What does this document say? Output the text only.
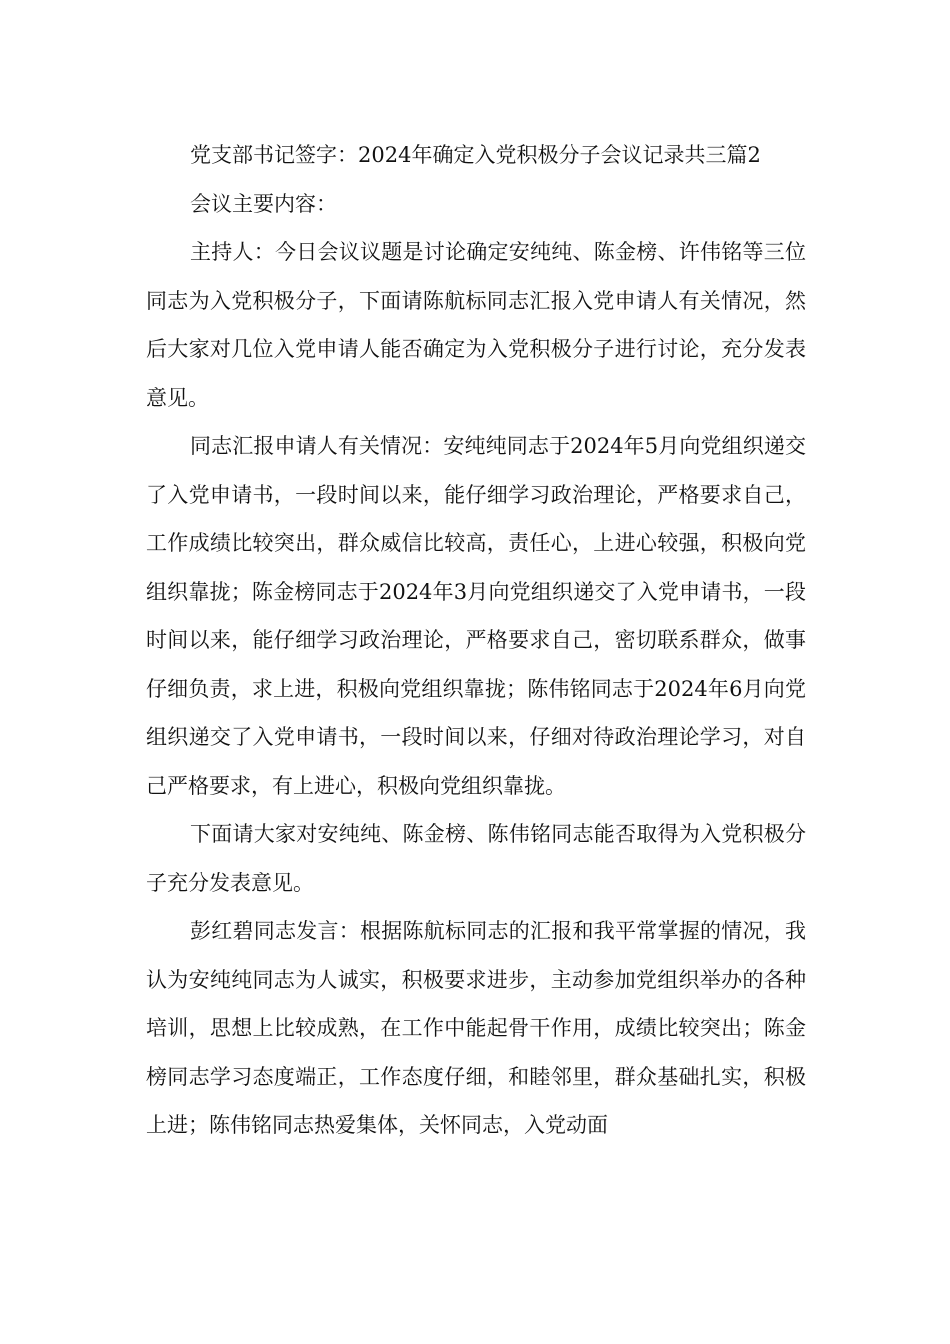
党支部书记签字：2024年确定入党积极分子会议记录共三篇2

会议主要内容：

主持人：今日会议议题是讨论确定安纯纯、陈金榜、许伟铭等三位同志为入党积极分子，下面请陈航标同志汇报入党申请人有关情况，然后大家对几位入党申请人能否确定为入党积极分子进行讨论，充分发表意见。

同志汇报申请人有关情况：安纯纯同志于2024年5月向党组织递交了入党申请书，一段时间以来，能仔细学习政治理论，严格要求自己，工作成绩比较突出，群众威信比较高，责任心，上进心较强，积极向党组织靠拢；陈金榜同志于2024年3月向党组织递交了入党申请书，一段时间以来，能仔细学习政治理论，严格要求自己，密切联系群众，做事仔细负责，求上进，积极向党组织靠拢；陈伟铭同志于2024年6月向党组织递交了入党申请书，一段时间以来，仔细对待政治理论学习，对自己严格要求，有上进心，积极向党组织靠拢。

下面请大家对安纯纯、陈金榜、陈伟铭同志能否取得为入党积极分子充分发表意见。

彭红碧同志发言：根据陈航标同志的汇报和我平常掌握的情况，我认为安纯纯同志为人诚实，积极要求进步，主动参加党组织举办的各种培训，思想上比较成熟，在工作中能起骨干作用，成绩比较突出；陈金榜同志学习态度端正，工作态度仔细，和睦邻里，群众基础扎实，积极上进；陈伟铭同志热爱集体，关怀同志，入党动面
